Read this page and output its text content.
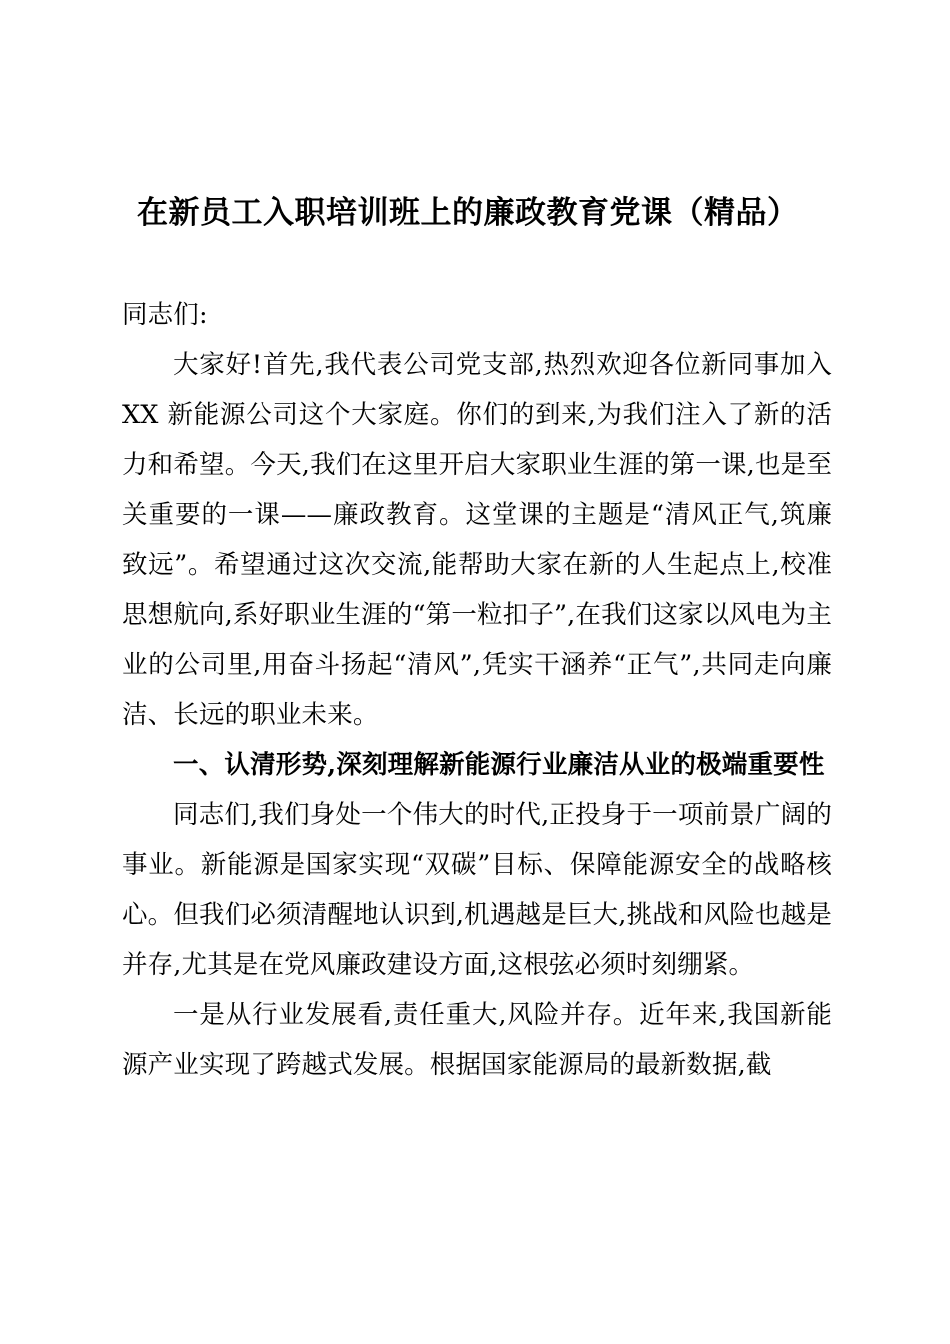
在新员工入职培训班上的廉政教育党课（精品）

同志们:

大家好!首先,我代表公司党支部,热烈欢迎各位新同事加入 XX 新能源公司这个大家庭。你们的到来,为我们注入了新的活力和希望。今天,我们在这里开启大家职业生涯的第一课,也是至关重要的一课——廉政教育。这堂课的主题是“清风正气,筑廉致远”。希望通过这次交流,能帮助大家在新的人生起点上,校准思想航向,系好职业生涯的“第一粒扣子”,在我们这家以风电为主业的公司里,用奋斗扬起“清风”,凭实干涵养“正气”,共同走向廉洁、长远的职业未来。

一、认清形势,深刻理解新能源行业廉洁从业的极端重要性

同志们,我们身处一个伟大的时代,正投身于一项前景广阔的事业。新能源是国家实现“双碳”目标、保障能源安全的战略核心。但我们必须清醒地认识到,机遇越是巨大,挑战和风险也越是并存,尤其是在党风廉政建设方面,这根弦必须时刻绷紧。

一是从行业发展看,责任重大,风险并存。近年来,我国新能源产业实现了跨越式发展。根据国家能源局的最新数据,截
